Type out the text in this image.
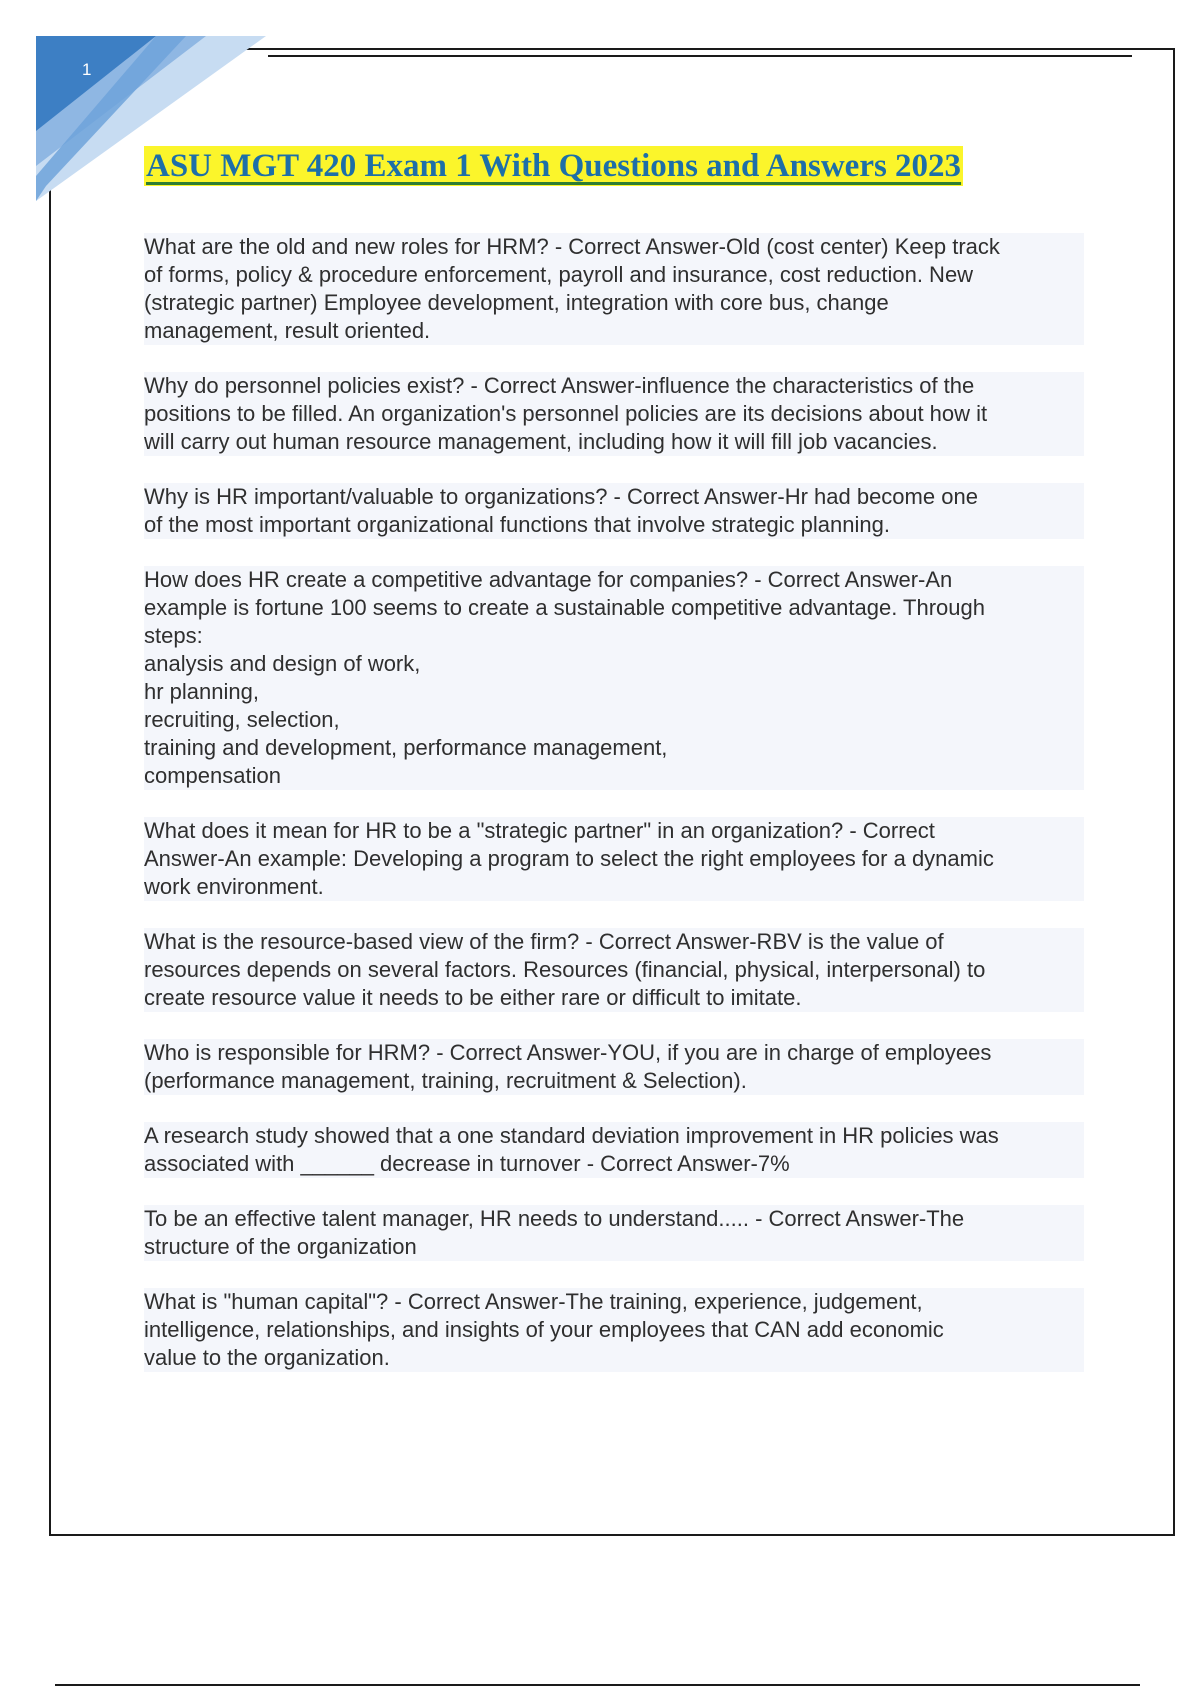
1
ASU MGT 420 Exam 1 With Questions and Answers 2023

What are the old and new roles for HRM? - Correct Answer-Old (cost center) Keep track
of forms, policy & procedure enforcement, payroll and insurance, cost reduction. New
(strategic partner) Employee development, integration with core bus, change
management, result oriented.

Why do personnel policies exist? - Correct Answer-influence the characteristics of the
positions to be filled. An organization's personnel policies are its decisions about how it
will carry out human resource management, including how it will fill job vacancies.

Why is HR important/valuable to organizations? - Correct Answer-Hr had become one
of the most important organizational functions that involve strategic planning.

How does HR create a competitive advantage for companies? - Correct Answer-An
example is fortune 100 seems to create a sustainable competitive advantage. Through
steps:
analysis and design of work,
hr planning,
recruiting, selection,
training and development, performance management,
compensation

What does it mean for HR to be a "strategic partner" in an organization? - Correct
Answer-An example: Developing a program to select the right employees for a dynamic
work environment.

What is the resource-based view of the firm? - Correct Answer-RBV is the value of
resources depends on several factors. Resources (financial, physical, interpersonal) to
create resource value it needs to be either rare or difficult to imitate.

Who is responsible for HRM? - Correct Answer-YOU, if you are in charge of employees
(performance management, training, recruitment & Selection).

A research study showed that a one standard deviation improvement in HR policies was
associated with ______ decrease in turnover - Correct Answer-7%

To be an effective talent manager, HR needs to understand..... - Correct Answer-The
structure of the organization

What is "human capital"? - Correct Answer-The training, experience, judgement,
intelligence, relationships, and insights of your employees that CAN add economic
value to the organization.
